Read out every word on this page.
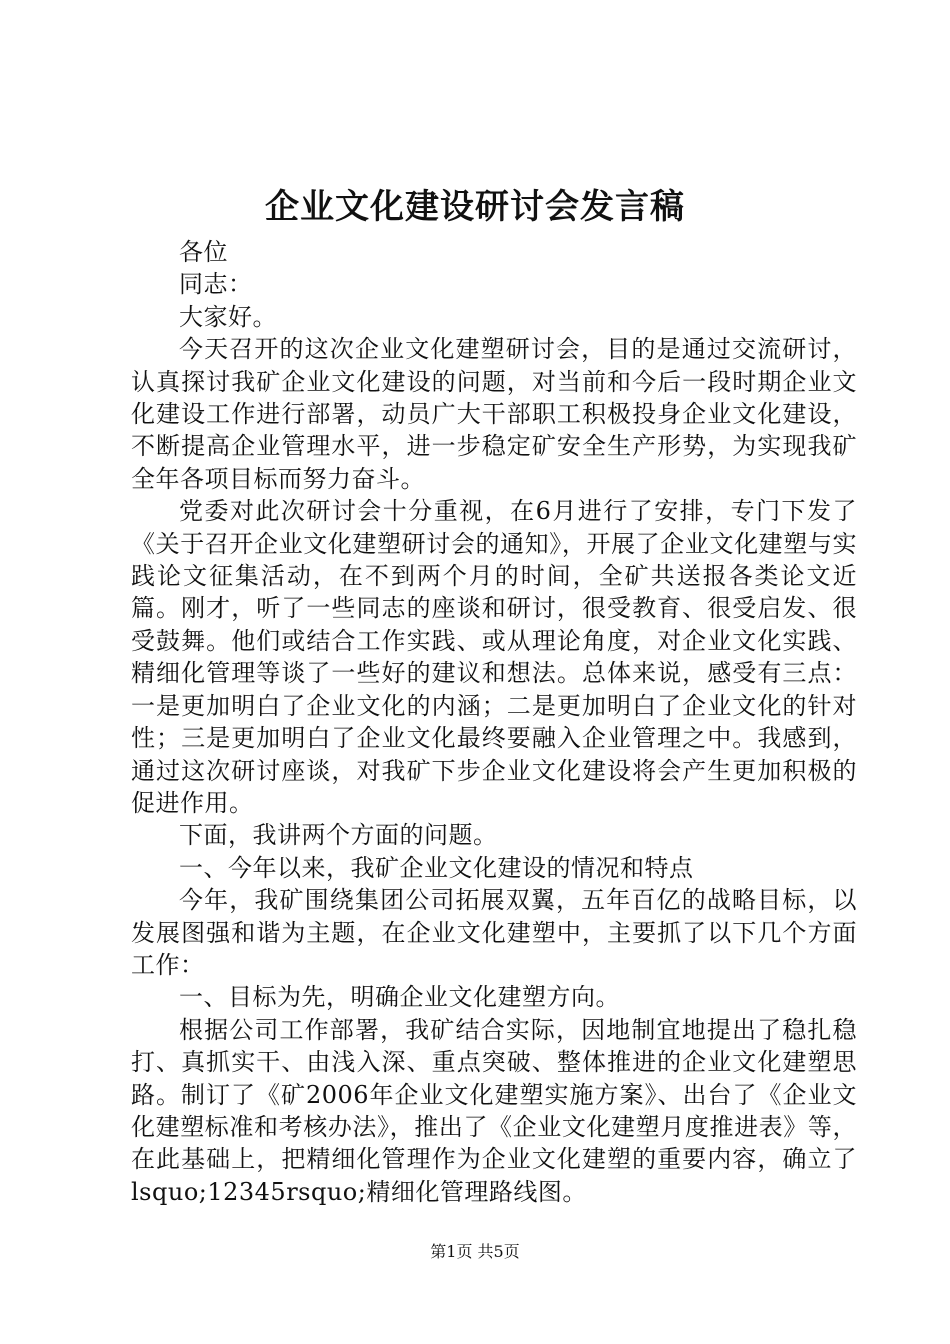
企业文化建设研讨会发言稿

各位

同志：

大家好。

今天召开的这次企业文化建塑研讨会，目的是通过交流研讨，认真探讨我矿企业文化建设的问题，对当前和今后一段时期企业文化建设工作进行部署，动员广大干部职工积极投身企业文化建设，不断提高企业管理水平，进一步稳定矿安全生产形势，为实现我矿全年各项目标而努力奋斗。

党委对此次研讨会十分重视，在6月进行了安排，专门下发了《关于召开企业文化建塑研讨会的通知》，开展了企业文化建塑与实践论文征集活动，在不到两个月的时间，全矿共送报各类论文近篇。刚才，听了一些同志的座谈和研讨，很受教育、很受启发、很受鼓舞。他们或结合工作实践、或从理论角度，对企业文化实践、精细化管理等谈了一些好的建议和想法。总体来说，感受有三点：一是更加明白了企业文化的内涵；二是更加明白了企业文化的针对性；三是更加明白了企业文化最终要融入企业管理之中。我感到，通过这次研讨座谈，对我矿下步企业文化建设将会产生更加积极的促进作用。

下面，我讲两个方面的问题。

一、今年以来，我矿企业文化建设的情况和特点

今年，我矿围绕集团公司拓展双翼，五年百亿的战略目标，以发展图强和谐为主题，在企业文化建塑中，主要抓了以下几个方面工作：

一、目标为先，明确企业文化建塑方向。

根据公司工作部署，我矿结合实际，因地制宜地提出了稳扎稳打、真抓实干、由浅入深、重点突破、整体推进的企业文化建塑思路。制订了《矿2006年企业文化建塑实施方案》、出台了《企业文化建塑标准和考核办法》，推出了《企业文化建塑月度推进表》等，在此基础上，把精细化管理作为企业文化建塑的重要内容，确立了lsquo;12345rsquo;精细化管理路线图。

第1页 共5页
